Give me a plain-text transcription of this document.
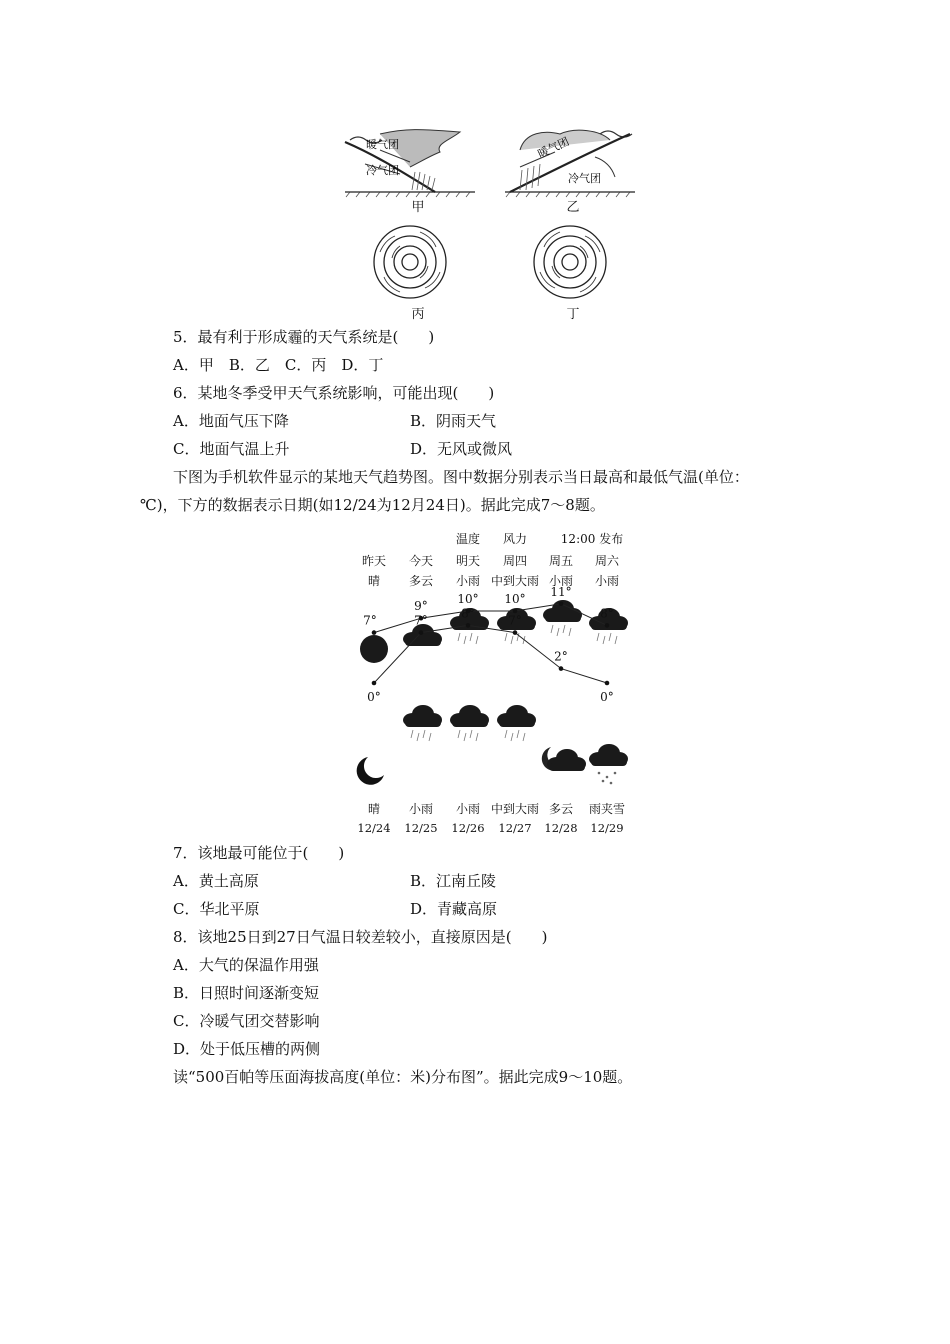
暖气团
冷气团
暖气团
冷气团
甲	乙
丙	丁
5．最有利于形成霾的天气系统是(　　)
A．甲　B．乙　C．丙　D．丁
6．某地冬季受甲天气系统影响，可能出现(　　)
A．地面气压下降	B．阴雨天气
C．地面气温上升	D．无风或微风
下图为手机软件显示的某地天气趋势图。图中数据分别表示当日最高和最低气温(单位：
℃)，下方的数据表示日期(如12/24为12月24日)。据此完成7～8题。
温度 风力	12:00 发布
昨天 今天 明天 周四 周五 周六
晴 多云 小雨 中到大雨 小雨 小雨
7°
9°
10° 10°
11°
8°
0°
7°
8°
7°
2°
0°
晴 小雨 小雨 中到大雨 多云 雨夹雪
12/24 12/25 12/26 12/27 12/28 12/29
7．该地最可能位于(　　)
A．黄土高原	B．江南丘陵
C．华北平原	D．青藏高原
8．该地25日到27日气温日较差较小，直接原因是(　　)
A．大气的保温作用强
B．日照时间逐渐变短
C．冷暖气团交替影响
D．处于低压槽的两侧
读“500百帕等压面海拔高度(单位：米)分布图”。据此完成9～10题。
